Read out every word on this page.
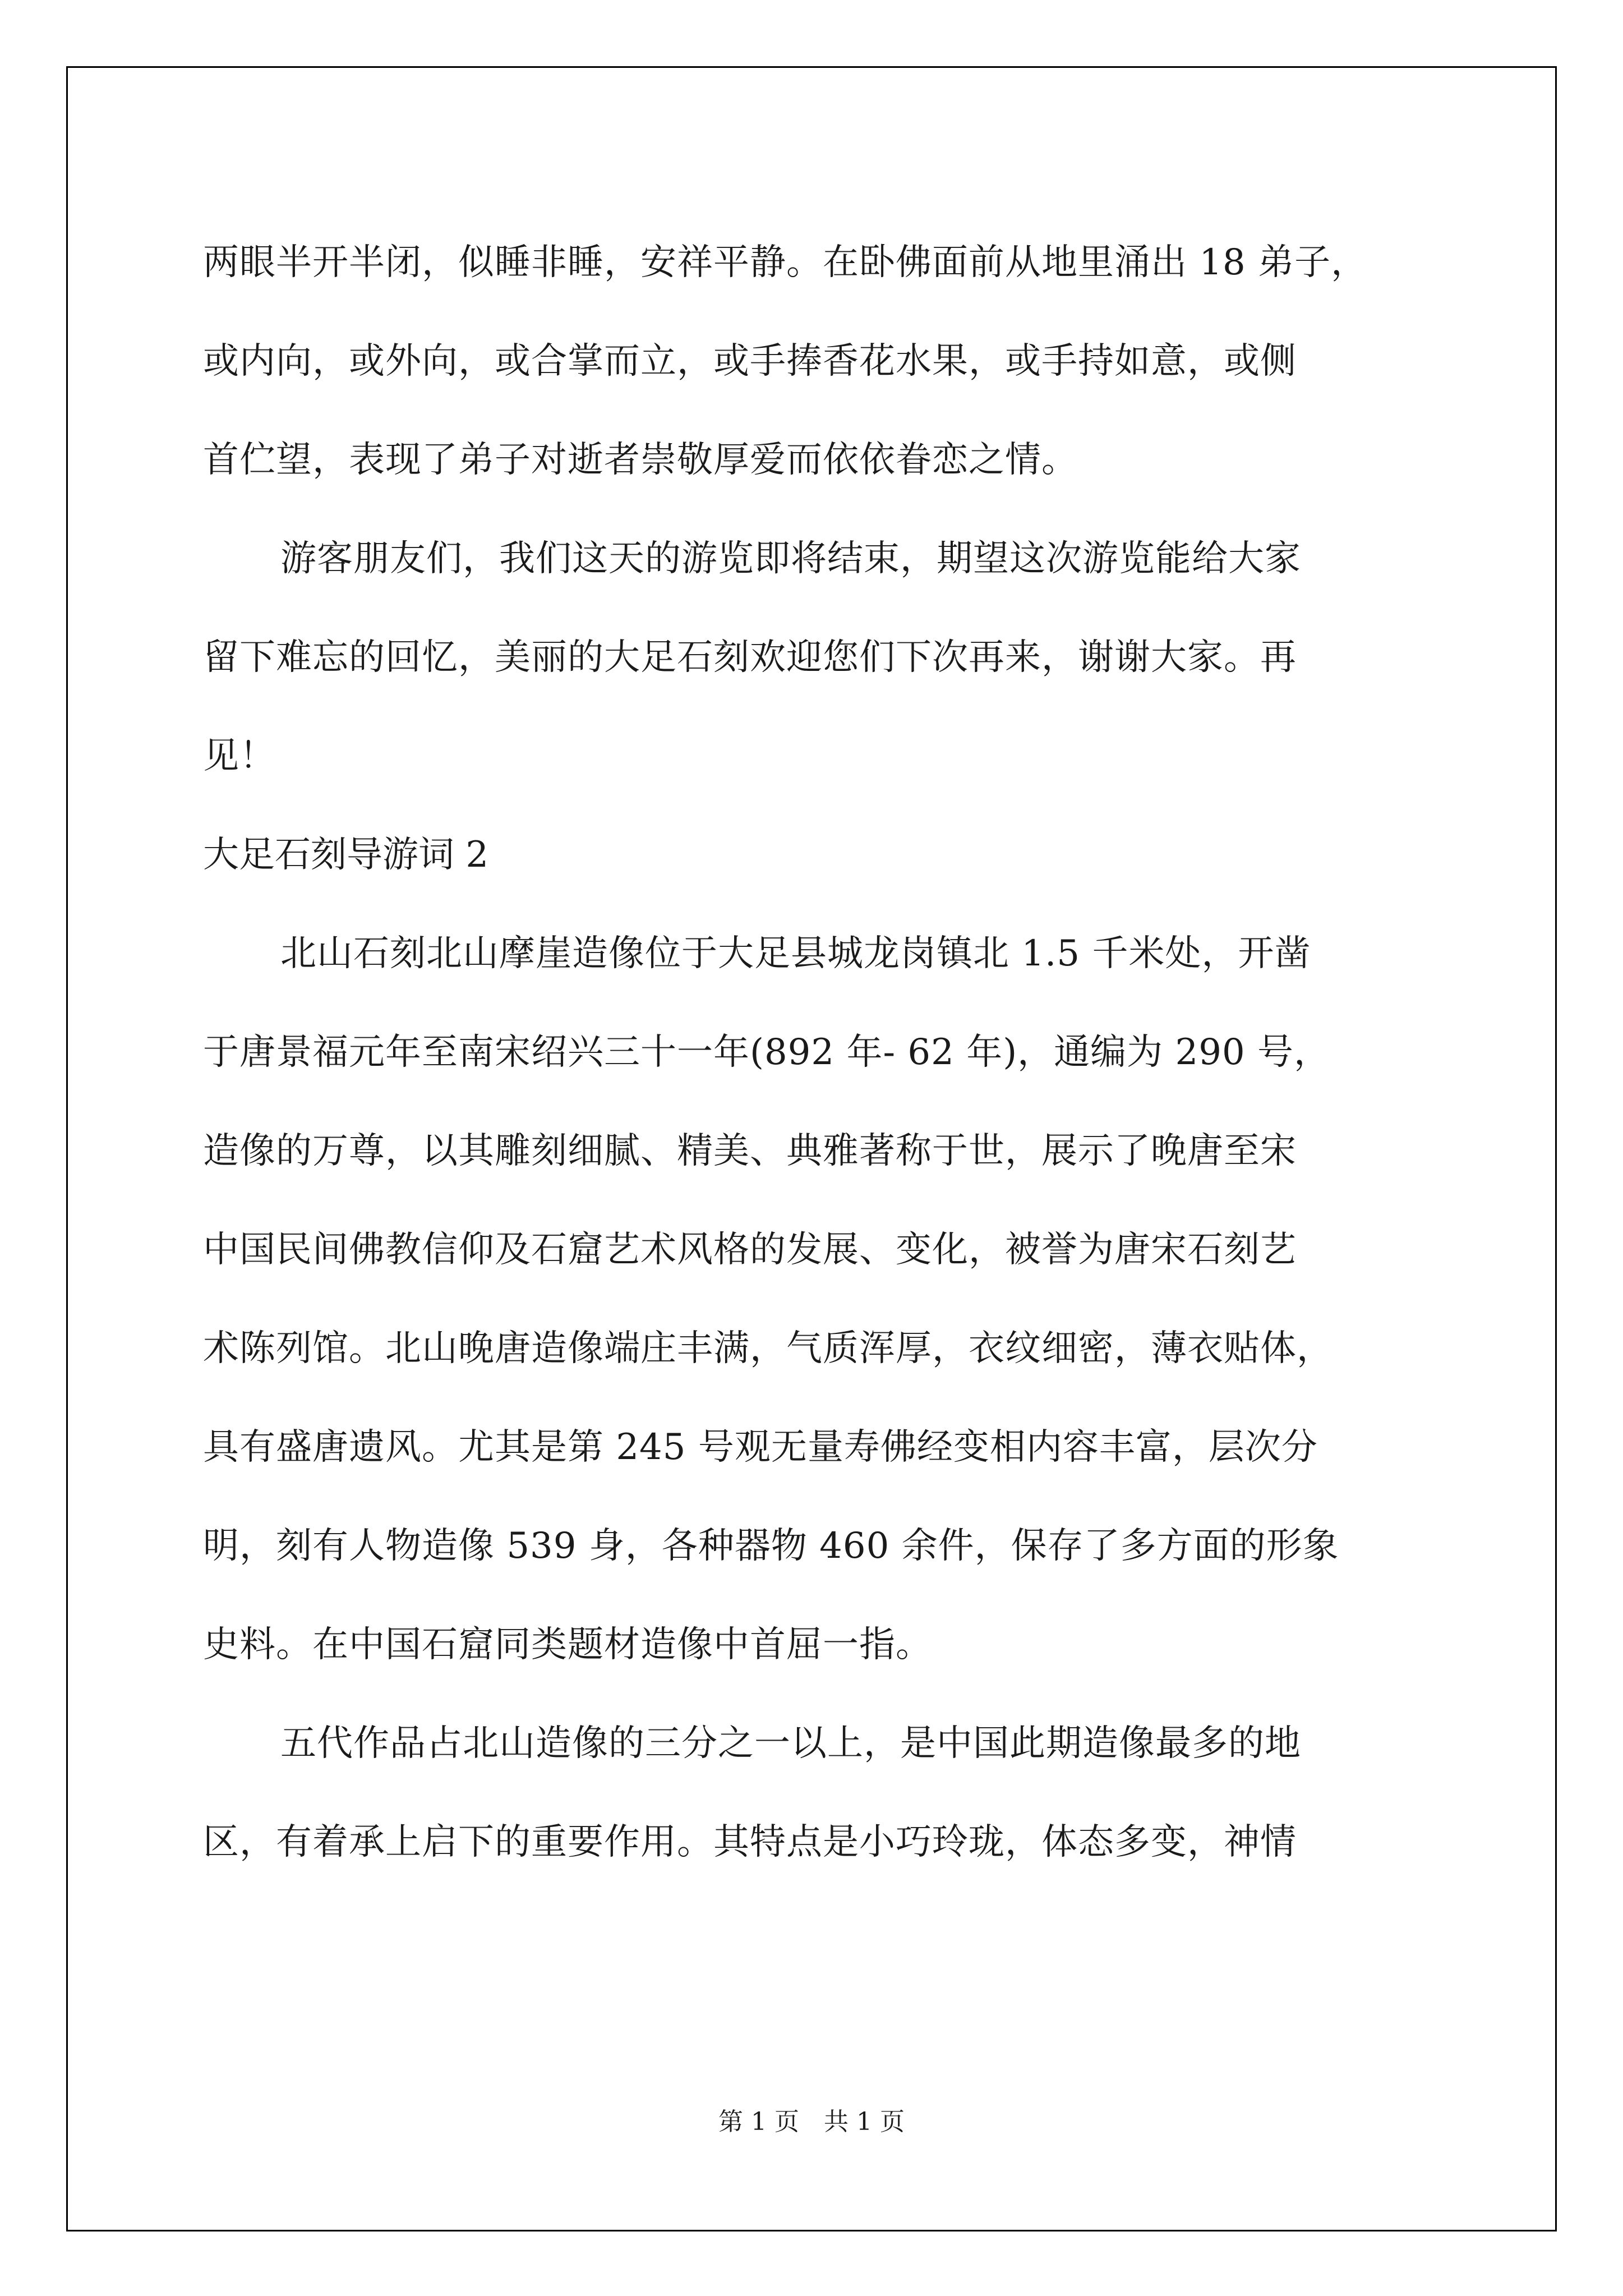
两眼半开半闭，似睡非睡，安祥平静。在卧佛面前从地里涌出 18 弟子，
或内向，或外向，或合掌而立，或手捧香花水果，或手持如意，或侧
首伫望，表现了弟子对逝者崇敬厚爱而依依眷恋之情。
游客朋友们，我们这天的游览即将结束，期望这次游览能给大家
留下难忘的回忆，美丽的大足石刻欢迎您们下次再来，谢谢大家。再
见！
大足石刻导游词 2
北山石刻北山摩崖造像位于大足县城龙岗镇北 1.5 千米处，开凿
于唐景福元年至南宋绍兴三十一年(892 年- 62 年)，通编为 290 号，
造像的万尊，以其雕刻细腻、精美、典雅著称于世，展示了晚唐至宋
中国民间佛教信仰及石窟艺术风格的发展、变化，被誉为唐宋石刻艺
术陈列馆。北山晚唐造像端庄丰满，气质浑厚，衣纹细密，薄衣贴体，
具有盛唐遗风。尤其是第 245 号观无量寿佛经变相内容丰富，层次分
明，刻有人物造像 539 身，各种器物 460 余件，保存了多方面的形象
史料。在中国石窟同类题材造像中首屈一指。
五代作品占北山造像的三分之一以上，是中国此期造像最多的地
区，有着承上启下的重要作用。其特点是小巧玲珑，体态多变，神情
第 1 页　共 1 页
